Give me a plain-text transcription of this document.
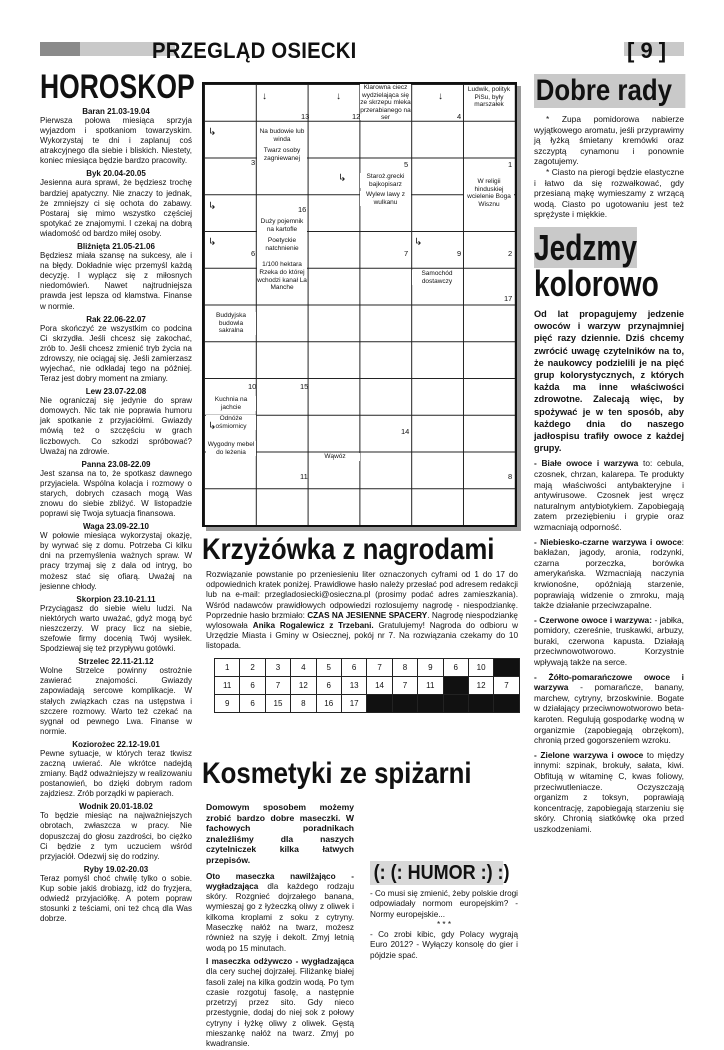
PRZEGLĄD OSIECKI	[ 9 ]
HOROSKOP
Baran 21.03-19.04
Pierwsza połowa miesiąca sprzyja wyjazdom i spotkaniom towarzyskim. Wykorzystaj te dni i zaplanuj coś atrakcyjnego dla siebie i bliskich. Niestety, koniec miesiąca będzie bardzo pracowity.
Byk 20.04-20.05
Jesienna aura sprawi, że będziesz trochę bardziej apatyczny. Nie znaczy to jednak, że zmniejszy ci się ochota do zabawy. Postaraj się mimo wszystko częściej spotykać ze znajomymi. I czekaj na dobrą wiadomość od bardzo miłej osoby.
Bliźnięta 21.05-21.06
Będziesz miała szansę na sukcesy, ale i na błędy. Dokładnie więc przemyśl każdą decyzję. I wyplącz się z miłosnych niedomówień. Nawet najtrudniejsza prawda jest lepsza od kłamstwa. Finanse w normie.
Rak 22.06-22.07
Pora skończyć ze wszystkim co podcina Ci skrzydła. Jeśli chcesz się zakochać, zrób to. Jeśli chcesz zmienić tryb życia na zdrowszy, nie ociągaj się. Jeśli zamierzasz wyjechać, nie odkładaj tego na później. Teraz jest dobry moment na zmiany.
Lew 23.07-22.08
Nie ograniczaj się jedynie do spraw domowych. Nic tak nie poprawia humoru jak spotkanie z przyjaciółmi. Gwiazdy mówią też o szczęściu w grach liczbowych. Co szkodzi spróbować? Uważaj na zdrowie.
Panna 23.08-22.09
Jest szansa na to, że spotkasz dawnego przyjaciela. Wspólna kolacja i rozmowy o starych, dobrych czasach mogą Was znowu do siebie zbliżyć. W listopadzie poprawi się Twoja sytuacja finansowa.
Waga 23.09-22.10
W połowie miesiąca wykorzystaj okazję, by wyrwać się z domu. Potrzeba Ci kilku dni na przemyślenia ważnych spraw. W pracy trzymaj się z dala od intryg, bo możesz stać się ofiarą. Uważaj na jesienne chłody.
Skorpion 23.10-21.11
Przyciągasz do siebie wielu ludzi. Na niektórych warto uważać, gdyż mogą być nieszczerzy. W pracy licz na siebie, szefowie firmy docenią Twój wysiłek. Spodziewaj się też przypływu gotówki.
Strzelec 22.11-21.12
Wolne Strzelce powinny ostrożnie zawierać znajomości. Gwiazdy zapowiadają sercowe komplikacje. W stałych związkach czas na ustępstwa i szczere rozmowy. Warto też czekać na sygnał od pewnego Lwa. Finanse w normie.
Koziorożec 22.12-19.01
Pewne sytuacje, w których teraz tkwisz zaczną uwierać. Ale wkrótce nadejdą zmiany. Bądź odważniejszy w realizowaniu postanowień, bo dzięki dobrym radom zajdziesz. Zrób porządki w papierach.
Wodnik 20.01-18.02
To będzie miesiąc na najważniejszych obrotach, zwłaszcza w pracy. Nie dopuszczaj do głosu zazdrości, bo ciężko Ci będzie z tym uczuciem wśród przyjaciół. Odezwij się do rodziny.
Ryby 19.02-20.03
Teraz pomyśl choć chwilę tylko o sobie. Kup sobie jakiś drobiazg, idź do fryzjera, odwiedź przyjaciółkę. A potem popraw stosunki z teściami, oni też chcą dla Was dobrze.
Klarowna ciecz wydzielająca się ze skrzepu mleka przerabianego na ser
Ludwik, polityk PiSu, były marszałek
Na budowie lub winda
Twarz osoby zagniewanej
Staroż.grecki bajkopisarz
Wylew lawy z wulkanu
W religii hinduskiej wcielenie Boga Wisznu
Duży pojemnik na kartofle
Poetyckie natchnienie
1/100 hektara
Rzeka do której wchodzi kanał La Manche
Samochód dostawczy
Buddyjska budowla sakralna
Kuchnia na jachcie
Odnóże ośmiornicy
Wygodny mebel do leżenia
Wąwóz
13	12	4
3	5	1
16
6	7	9	2
17
10	15
14
11	8
↓	↓	↓
↳
↳
↳
↳
↳
↳
Krzyżówka z nagrodami
Rozwiązanie powstanie po przeniesieniu liter oznaczonych cyframi od 1 do 17 do odpowiednich kratek poniżej. Prawidłowe hasło należy przesłać pod adresem redakcji lub na e-mail: przegladosiecki@osieczna.pl (prosimy podać adres zamieszkania). Wśród nadawców prawidłowych odpowiedzi rozlosujemy nagrodę - niespodziankę. Poprzednie hasło brzmiało: CZAS NA JESIENNE SPACERY. Nagrodę niespodziankę wylosowała Anika Rogalewicz z Trzebani. Gratulujemy! Nagroda do odbioru w Urzędzie Miasta i Gminy w Osiecznej, pokój nr 7. Na rozwiązania czekamy do 10 listopada.
1	2	3	4	5	6	7	8	9	6	10	
11	6	7	12	6	13	14	7	11		12	7
9	6	15	8	16	17						
Kosmetyki ze spiżarni

Domowym sposobem możemy zrobić bardzo dobre maseczki. W fachowych poradnikach znaleźliśmy dla naszych czytelniczek kilka łatwych przepisów.

Oto maseczka nawilżająco - wygładzająca dla każdego rodzaju skóry. Rozgnieć dojrzałego banana, wymieszaj go z łyżeczką oliwy z oliwek i kilkoma kroplami z soku z cytryny. Maseczkę nałóż na twarz, możesz również na szyję i dekolt. Zmyj letnią wodą po 15 minutach.

I maseczka odżywczo - wygładzająca dla cery suchej dojrzałej. Filiżankę białej fasoli zalej na kilka godzin wodą. Po tym czasie rozgotuj fasolę, a następnie przetrzyj przez sito. Gdy nieco przestygnie, dodaj do niej sok z połowy cytryny i łyżkę oliwy z oliwek. Gęstą mieszankę nałóż na twarz. Zmyj po kwadransie.

(: (: HUMOR :) :)

- Co musi się zmienić, żeby polskie drogi odpowiadały normom europejskim? - Normy europejskie...

* * *

- Co zrobi kibic, gdy Polacy wygrają Euro 2012? - Wyłączy konsolę do gier i pójdzie spać.

Dobre rady

* Zupa pomidorowa nabierze wyjątkowego aromatu, jeśli przyprawimy ją łyżką śmietany kremówki oraz szczyptą cynamonu i ponownie zagotujemy.

* Ciasto na pierogi będzie elastyczne i łatwo da się rozwałkować, gdy przesianą mąkę wymieszamy z wrzącą wodą. Ciasto po ugotowaniu jest też sprężyste i miękkie.

Jedzmy
kolorowo

Od lat propagujemy jedzenie owoców i warzyw przynajmniej pięć razy dziennie. Dziś chcemy zwrócić uwagę czytelników na to, że naukowcy podzielili je na pięć grup kolorystycznych, z których każda ma inne właściwości zdrowotne. Zalecają więc, by spożywać je w ten sposób, aby każdego dnia do naszego jadłospisu trafiły owoce z każdej grupy.

- Białe owoce i warzywa to: cebula, czosnek, chrzan, kalarepa. Te produkty mają właściwości antybakteryjne i antywirusowe. Czosnek jest wręcz naturalnym antybiotykiem. Zapobiegają zatem przeziębieniu i grypie oraz wzmacniają odporność.

- Niebiesko-czarne warzywa i owoce: bakłażan, jagody, aronia, rodzynki, czarna porzeczka, borówka amerykańska. Wzmacniają naczynia krwionośne, opóźniają starzenie, poprawiają widzenie o zmroku, mają także działanie przeciwzapalne.

- Czerwone owoce i warzywa: - jabłka, pomidory, czereśnie, truskawki, arbuzy, buraki, czerwona kapusta. Działają przeciwnowotworowo. Korzystnie wpływają także na serce.

- Żółto-pomarańczowe owoce i warzywa - pomarańcze, banany, marchew, cytryny, brzoskwinie. Bogate w działający przeciwnowotworowo beta-karoten. Regulują gospodarkę wodną w organizmie (zapobiegają obrzękom), chronią przed gogorszeniem wzroku.

- Zielone warzywa i owoce to między innymi: szpinak, brokuły, sałata, kiwi. Obfitują w witaminę C, kwas foliowy, przeciwutleniacze. Oczyszczają organizm z toksyn, poprawiają koncentrację, zapobiegają starzeniu się skóry. Chronią siatkówkę oka przed uszkodzeniami.
